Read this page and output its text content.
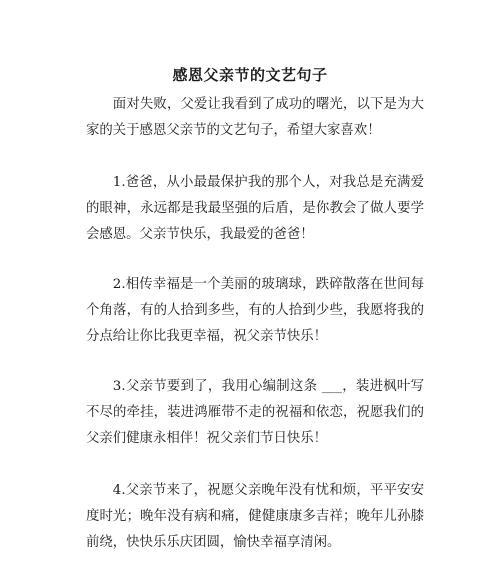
感恩父亲节的文艺句子

面对失败，父爱让我看到了成功的曙光，以下是为大家的关于感恩父亲节的文艺句子，希望大家喜欢！

1.爸爸，从小最最保护我的那个人，对我总是充满爱的眼神，永远都是我最坚强的后盾，是你教会了做人要学会感恩。父亲节快乐，我最爱的爸爸！

2.相传幸福是一个美丽的玻璃球，跌碎散落在世间每个角落，有的人拾到多些，有的人拾到少些，我愿将我的分点给让你比我更幸福，祝父亲节快乐！

3.父亲节要到了，我用心编制这条 ___，装进枫叶写不尽的牵挂，装进鸿雁带不走的祝福和依恋，祝愿我们的父亲们健康永相伴！祝父亲们节日快乐！

4.父亲节来了，祝愿父亲晚年没有忧和烦，平平安安度时光；晚年没有病和痛，健健康康多吉祥；晚年儿孙膝前绕，快快乐乐庆团圆，愉快幸福享清闲。
